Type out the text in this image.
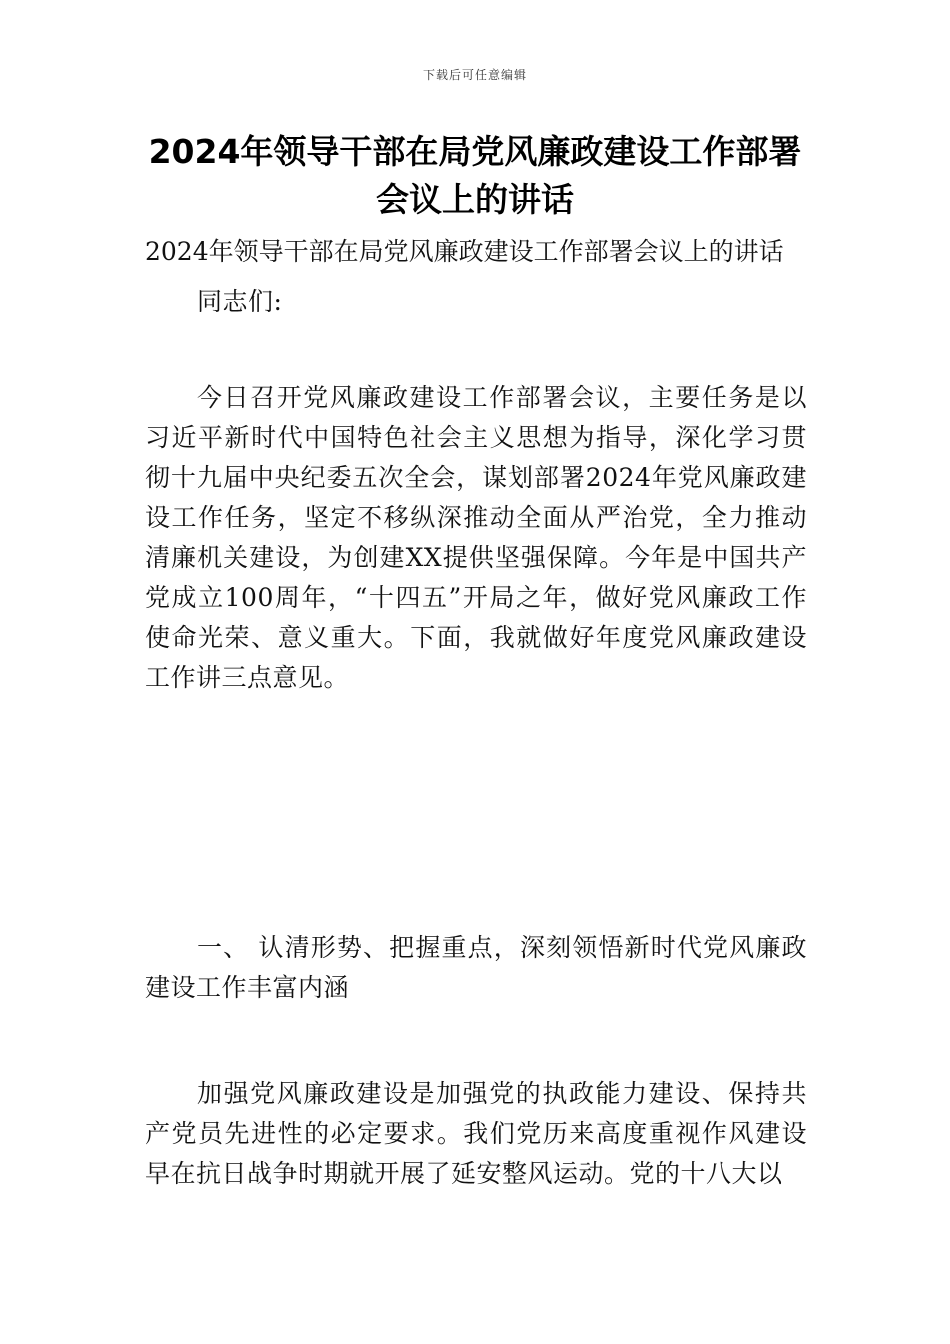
下载后可任意编辑
2024年领导干部在局党风廉政建设工作部署会议上的讲话

2024年领导干部在局党风廉政建设工作部署会议上的讲话

同志们:

今日召开党风廉政建设工作部署会议，主要任务是以习近平新时代中国特色社会主义思想为指导，深化学习贯彻十九届中央纪委五次全会，谋划部署2024年党风廉政建设工作任务，坚定不移纵深推动全面从严治党，全力推动清廉机关建设，为创建XX提供坚强保障。今年是中国共产党成立100周年，“十四五”开局之年，做好党风廉政工作使命光荣、意义重大。下面，我就做好年度党风廉政建设工作讲三点意见。

一、 认清形势、把握重点，深刻领悟新时代党风廉政建设工作丰富内涵

加强党风廉政建设是加强党的执政能力建设、保持共产党员先进性的必定要求。我们党历来高度重视作风建设早在抗日战争时期就开展了延安整风运动。党的十八大以
